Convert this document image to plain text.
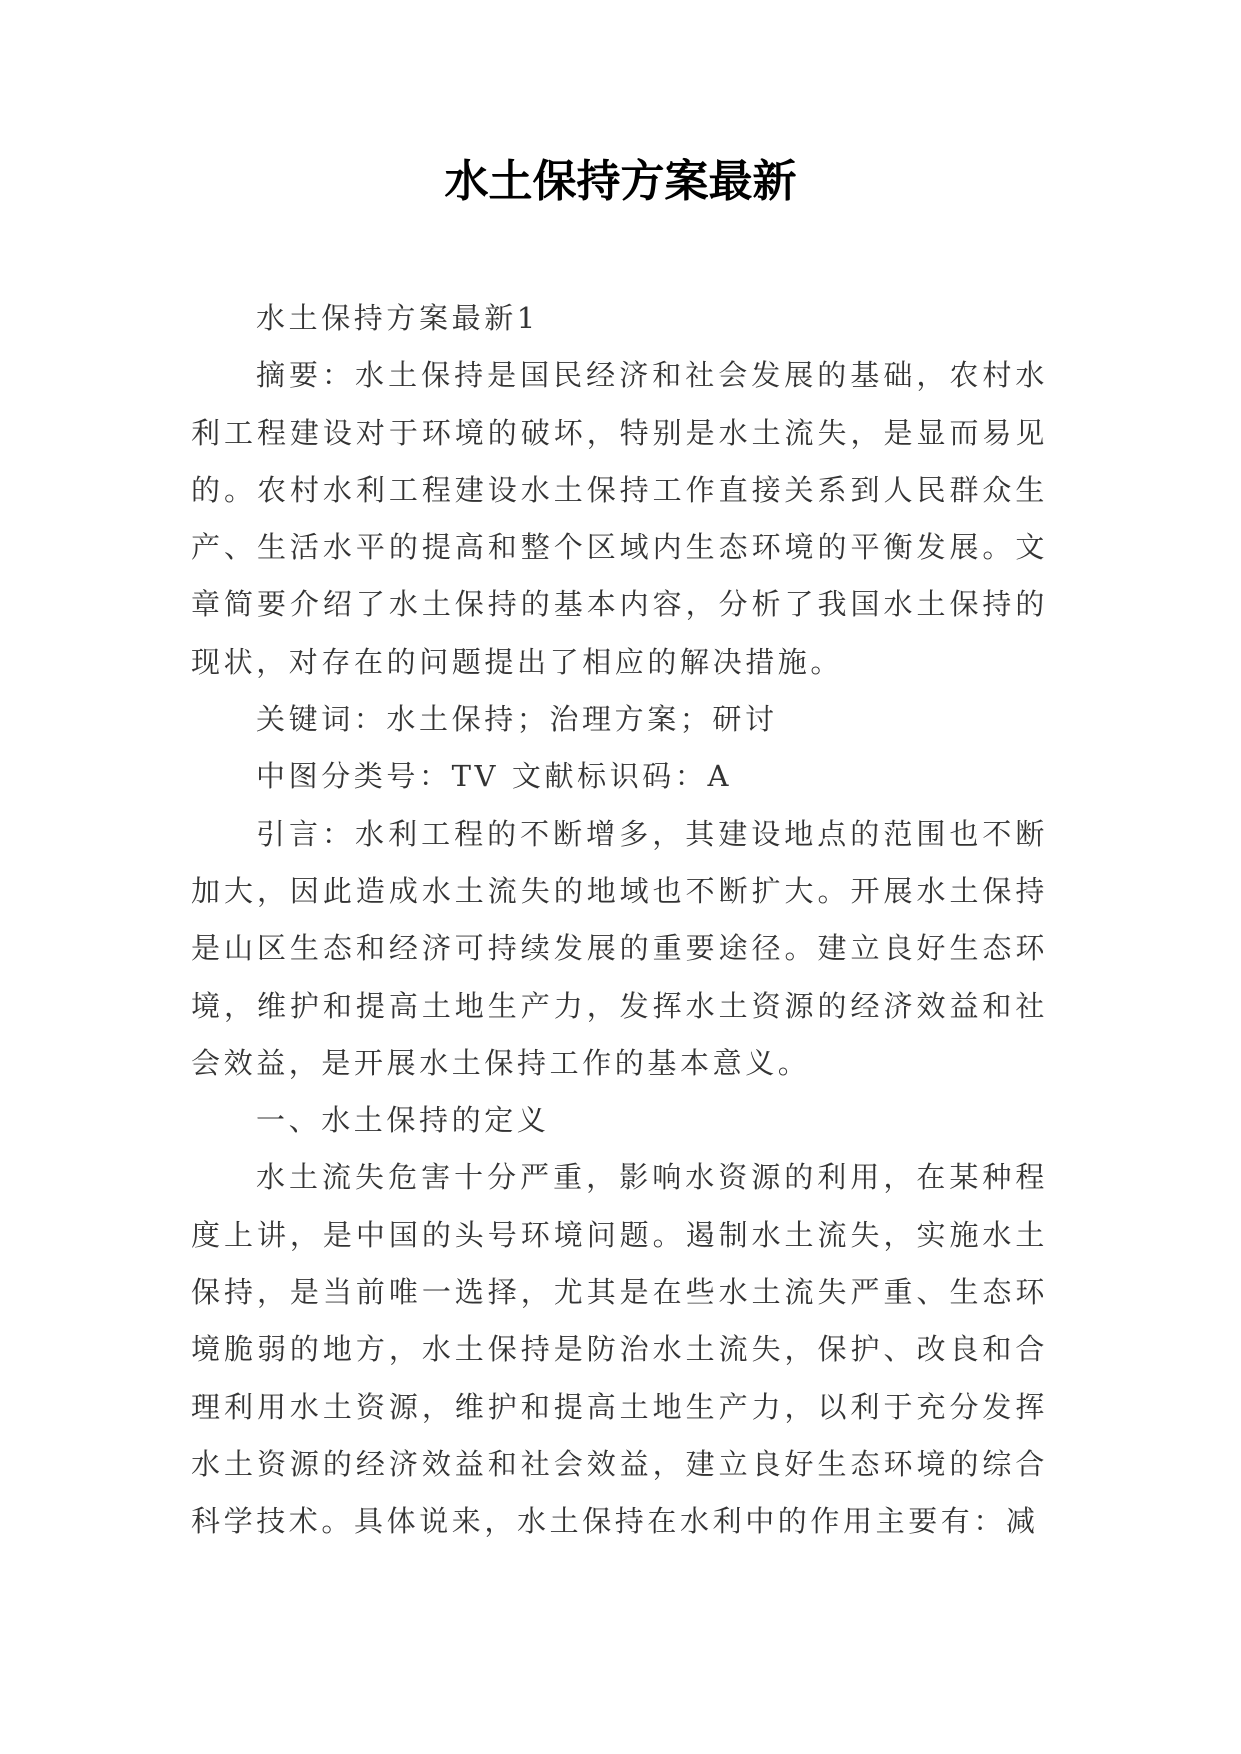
水土保持方案最新

水土保持方案最新1

摘要：水土保持是国民经济和社会发展的基础，农村水利工程建设对于环境的破坏，特别是水土流失，是显而易见的。农村水利工程建设水土保持工作直接关系到人民群众生产、生活水平的提高和整个区域内生态环境的平衡发展。文章简要介绍了水土保持的基本内容，分析了我国水土保持的现状，对存在的问题提出了相应的解决措施。

关键词：水土保持；治理方案；研讨

中图分类号：TV 文献标识码：A

引言：水利工程的不断增多，其建设地点的范围也不断加大，因此造成水土流失的地域也不断扩大。开展水土保持是山区生态和经济可持续发展的重要途径。建立良好生态环境，维护和提高土地生产力，发挥水土资源的经济效益和社会效益，是开展水土保持工作的基本意义。

一、水土保持的定义

水土流失危害十分严重，影响水资源的利用，在某种程度上讲，是中国的头号环境问题。遏制水土流失，实施水土保持，是当前唯一选择，尤其是在些水土流失严重、生态环境脆弱的地方，水土保持是防治水土流失，保护、改良和合理利用水土资源，维护和提高土地生产力，以利于充分发挥水土资源的经济效益和社会效益，建立良好生态环境的综合科学技术。具体说来，水土保持在水利中的作用主要有：减
